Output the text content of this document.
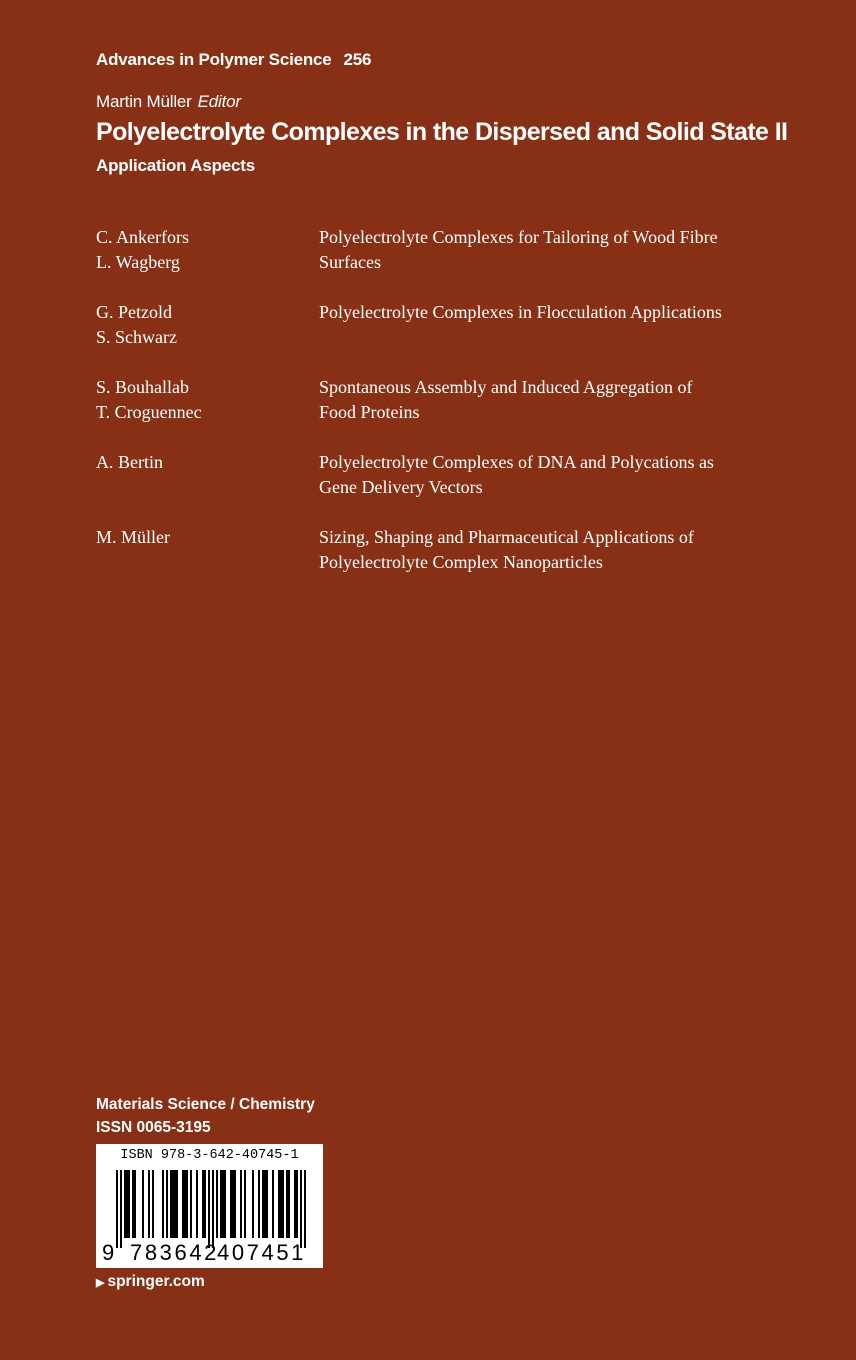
Advances in Polymer Science 256
Martin Müller Editor
Polyelectrolyte Complexes in the Dispersed and Solid State II
Application Aspects
C. Ankerfors
L. Wagberg
Polyelectrolyte Complexes for Tailoring of Wood Fibre
Surfaces
G. Petzold
S. Schwarz
Polyelectrolyte Complexes in Flocculation Applications
S. Bouhallab
T. Croguennec
Spontaneous Assembly and Induced Aggregation of
Food Proteins
A. Bertin	Polyelectrolyte Complexes of DNA and Polycations as
Gene Delivery Vectors
M. Müller	Sizing, Shaping and Pharmaceutical Applications of
Polyelectrolyte Complex Nanoparticles
Materials Science / Chemistry
ISSN 0065-3195
ISBN 978-3-642-40745-1
9 783642
407451
▶ springer.com
